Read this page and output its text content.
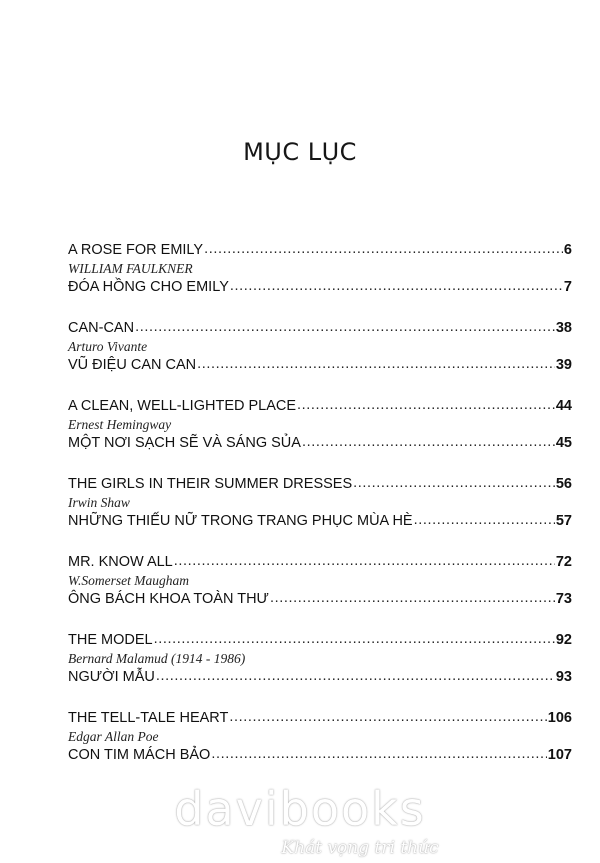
MỤC LỤC
A ROSE FOR EMILY .....	6
WILLIAM FAULKNER
ĐÓA HỒNG CHO EMILY .....	7
CAN-CAN .....	38
Arturo Vivante
VŨ ĐIỆU CAN CAN .....	39
A CLEAN, WELL-LIGHTED PLACE .....	44
Ernest Hemingway
MỘT NƠI SẠCH SẼ VÀ SÁNG SỦA .....	45
THE GIRLS IN THEIR SUMMER DRESSES .....	56
Irwin Shaw
NHỮNG THIẾU NỮ TRONG TRANG PHỤC MÙA HÈ .....	57
MR. KNOW ALL .....	72
W.Somerset Maugham
ÔNG BÁCH KHOA TOÀN THƯ .....	73
THE MODEL .....	92
Bernard Malamud (1914 - 1986)
NGƯỜI MẪU .....	93
THE TELL-TALE HEART .....	106
Edgar Allan Poe
CON TIM MÁCH BẢO .....	107
davibooks
Khát vọng tri thức
